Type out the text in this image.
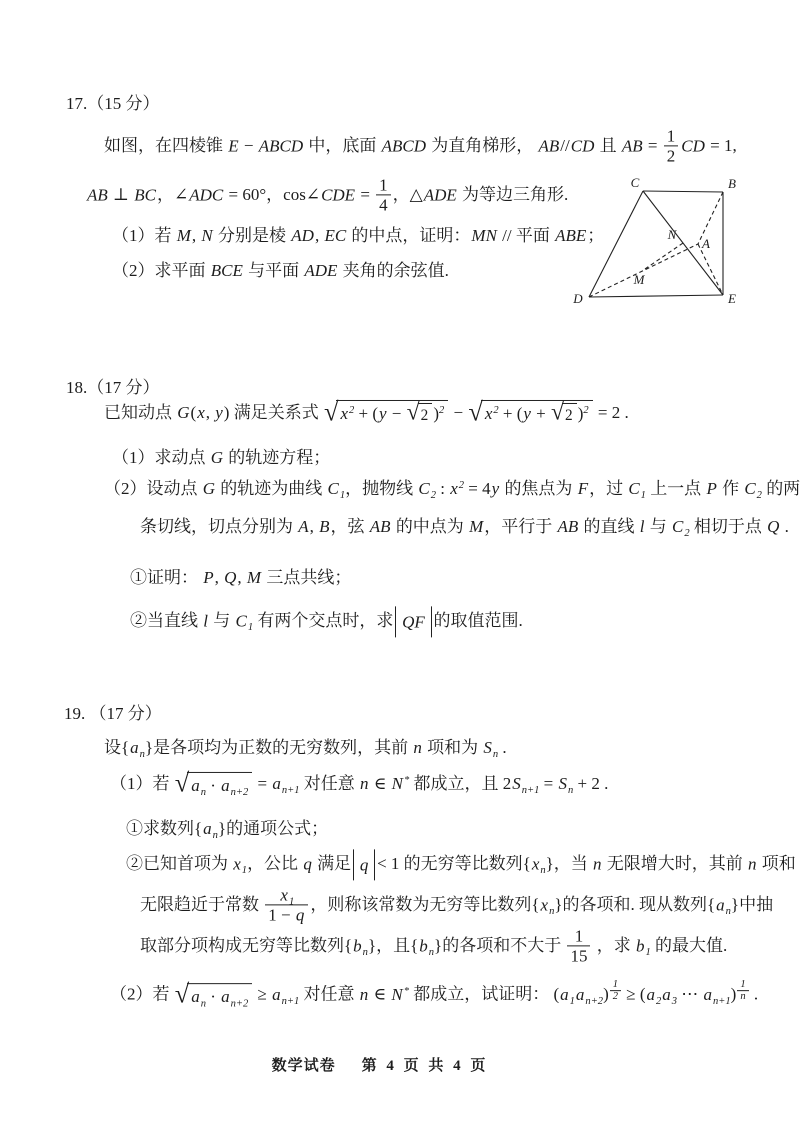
17.（15 分）
如图，在四棱锥 E − ABCD 中，底面 ABCD 为直角梯形， AB//CD 且 AB = $\frac{1}{2}$ CD = 1,
AB ⊥ BC，∠ADC = 60°，cos∠CDE = $\frac{1}{4}$ ，△ADE 为等边三角形.
（1）若 M, N 分别是棱 AD, EC 的中点，证明：MN // 平面 ABE；
（2）求平面 BCE 与平面 ADE 夹角的余弦值.
18.（17 分）
已知动点 G(x, y) 满足关系式 √ $x^2 + (y - √2$ )$^2$ − √ $x^2 + (y + √2$ )$^2$ = 2 .
（1）求动点 G 的轨迹方程；
（2）设动点 G 的轨迹为曲线 $C_1$，抛物线 $C_2$ : $x^2 = 4y$ 的焦点为 F，过 $C_1$ 上一点 P 作 $C_2$ 的两
条切线，切点分别为 A, B，弦 AB 的中点为 M，平行于 AB 的直线 l 与 $C_2$ 相切于点 Q .
①证明： P, Q, M 三点共线；
②当直线 l 与 $C_1$ 有两个交点时，求 QF 的取值范围.
19. （17 分）
设$\{a_n\}$是各项均为正数的无穷数列，其前 n 项和为 $S_n$ .
（1）若 √ $a_n \cdot a_{n+2} = a_{n+1}$ 对任意 n ∈ N* 都成立，且 $2S_{n+1} = S_n + 2$ .
①求数列$\{a_n\}$的通项公式；
②已知首项为 $x_1$，公比 q 满足 q < 1 的无穷等比数列$\{x_n\}$，当 n 无限增大时，其前 n 项和
无限趋近于常数 $\frac{x_1}{1 - q}$ ，则称该常数为无穷等比数列$\{x_n\}$的各项和. 现从数列$\{a_n\}$中抽
取部分项构成无穷等比数列$\{b_n\}$，且$\{b_n\}$的各项和不大于 $\frac{1}{15}$ ，求 $b_1$ 的最大值.
（2）若 √ $a_n \cdot a_{n+2} \ge a_{n+1}$ 对任意 n ∈ N* 都成立，试证明： $(a_1a_{n+2}) ^{\frac{1}{2}} \ge (a_2a_3$ ⋯ $a_{n+1}$) $^{\frac{1}{n}}$ .
C	B
D	E
A
N
M
数学试卷 第 4 页 共 4 页
